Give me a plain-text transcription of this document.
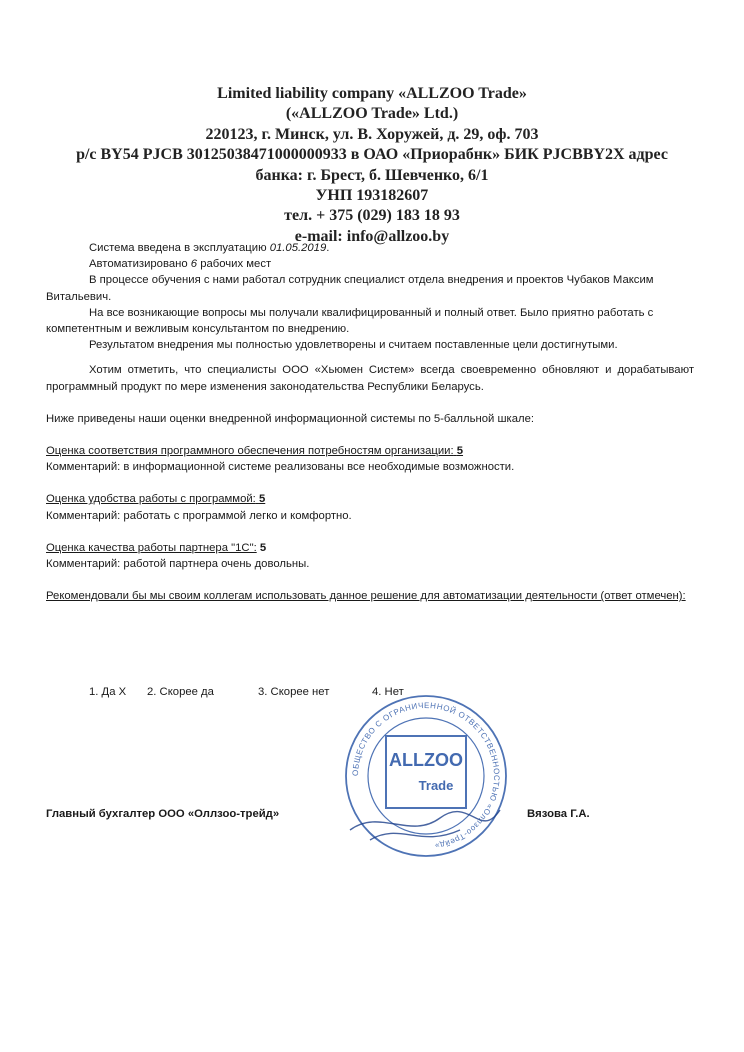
Limited liability company «ALLZOO Trade»
(«ALLZOO Trade» Ltd.)
220123, г. Минск, ул. В. Хоружей, д. 29, оф. 703
р/с BY54 PJCB 30125038471000000933 в ОАО «Приорабнк» БИК PJCBBY2X адрес
банка: г. Брест, б. Шевченко, 6/1
УНП 193182607
тел. + 375 (029) 183 18 93
e-mail: info@allzoo.by
Система введена в эксплуатацию 01.05.2019.
Автоматизировано 6 рабочих мест
В процессе обучения с нами работал сотрудник специалист отдела внедрения и проектов Чубаков Максим Витальевич.
На все возникающие вопросы мы получали квалифицированный и полный ответ. Было приятно работать с компетентным и вежливым консультантом по внедрению.
Результатом внедрения мы полностью удовлетворены и считаем поставленные цели достигнутыми.
Хотим отметить, что специалисты ООО «Хьюмен Систем» всегда своевременно обновляют и дорабатывают программный продукт по мере изменения законодательства Республики Беларусь.
Ниже приведены наши оценки внедренной информационной системы по 5-балльной шкале:
Оценка соответствия программного обеспечения потребностям организации: 5
Комментарий: в информационной системе реализованы все необходимые возможности.
Оценка удобства работы с программой: 5
Комментарий: работать с программой легко и комфортно.
Оценка качества работы партнера "1С": 5
Комментарий: работой партнера очень довольны.
Рекомендовали бы мы своим коллегам использовать данное решение для автоматизации деятельности (ответ отмечен):
1. Да X 2. Скорее да	3. Скорее нет	4. Нет
ОБЩЕСТВО С ОГРАНИЧЕННОЙ ОТВЕТСТВЕННОСТЬЮ «Оллзоо-Трейд»
ALLZOO
Trade
Главный бухгалтер ООО «Оллзоо-трейд»	Вязова Г.А.
